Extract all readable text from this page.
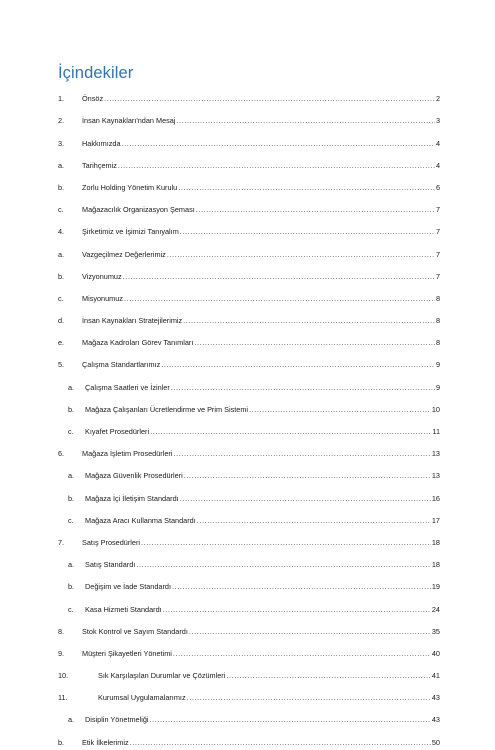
İçindekiler
1.	Önsöz .....	2
2.	İnsan Kaynakları'ndan Mesaj .....	3
3.	Hakkımızda .....	4
a.	Tarihçemiz .....	4
b.	Zorlu Holding Yönetim Kurulu .....	6
c.	Mağazacılık Organizasyon Şeması .....	7
4.	Şirketimiz ve İşimizi Tanıyalım .....	7
a.	Vazgeçilmez Değerlerimiz .....	7
b.	Vizyonumuz .....	7
c.	Misyonumuz .....	8
d.	İnsan Kaynakları Stratejilerimiz .....	8
e.	Mağaza Kadroları Görev Tanımları .....	8
5.	Çalışma Standartlarımız .....	9
a.	Çalışma Saatleri ve İzinler .....	9
b.	Mağaza Çalışanları Ücretlendirme ve Prim Sistemi .....	10
c.	Kıyafet Prosedürleri .....	11
6.	Mağaza İşletim Prosedürleri .....	13
a.	Mağaza Güvenlik Prosedürleri .....	13
b.	Mağaza İçi İletişim Standardı .....	16
c.	Mağaza Aracı Kullanma Standardı .....	17
7.	Satış Prosedürleri .....	18
a.	Satış Standardı .....	18
b.	Değişim ve İade Standardı .....	19
c.	Kasa Hizmeti Standardı .....	24
8.	Stok Kontrol ve Sayım Standardı .....	35
9.	Müşteri Şikayetleri Yönetimi .....	40
10.	Sık Karşılaşılan Durumlar ve Çözümleri .....	41
11.	Kurumsal Uygulamalarımız .....	43
a.	Disiplin Yönetmeliği .....	43
b.	Etik İlkelerimiz .....	50
